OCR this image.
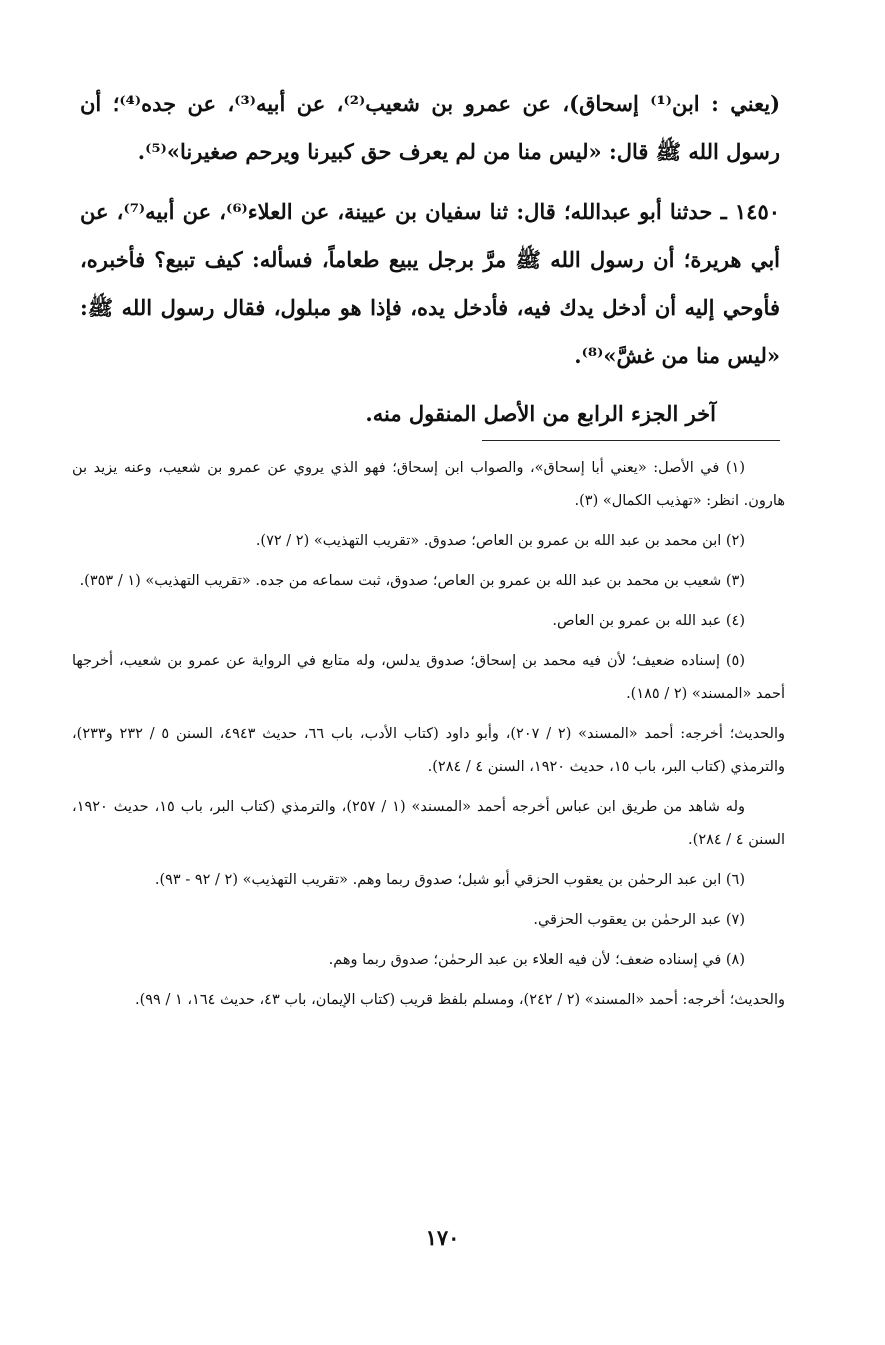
(يعني : ابن⁽¹⁾ إسحاق)، عن عمرو بن شعيب⁽²⁾، عن أبيه⁽³⁾، عن جده⁽⁴⁾؛ أن رسول الله ﷺ قال: «ليس منا من لم يعرف حق كبيرنا ويرحم صغيرنا»⁽⁵⁾.

١٤٥٠ ـ حدثنا أبو عبدالله؛ قال: ثنا سفيان بن عيينة، عن العلاء⁽⁶⁾، عن أبيه⁽⁷⁾، عن أبي هريرة؛ أن رسول الله ﷺ مرَّ برجل يبيع طعاماً، فسأله: كيف تبيع؟ فأخبره، فأوحي إليه أن أدخل يدك فيه، فأدخل يده، فإذا هو مبلول، فقال رسول الله ﷺ: «ليس منا من غشَّ»⁽⁸⁾.

آخر الجزء الرابع من الأصل المنقول منه.

(١) في الأصل: «يعني أبا إسحاق»، والصواب ابن إسحاق؛ فهو الذي يروي عن عمرو بن شعيب، وعنه يزيد بن هارون. انظر: «تهذيب الكمال» (٣).

(٢) ابن محمد بن عبد الله بن عمرو بن العاص؛ صدوق. «تقريب التهذيب» (٢ / ٧٢).

(٣) شعيب بن محمد بن عبد الله بن عمرو بن العاص؛ صدوق، ثبت سماعه من جده. «تقريب التهذيب» (١ / ٣٥٣).

(٤) عبد الله بن عمرو بن العاص.

(٥) إسناده ضعيف؛ لأن فيه محمد بن إسحاق؛ صدوق يدلس، وله متابع في الرواية عن عمرو بن شعيب، أخرجها أحمد «المسند» (٢ / ١٨٥).

والحديث؛ أخرجه: أحمد «المسند» (٢ / ٢٠٧)، وأبو داود (كتاب الأدب، باب ٦٦، حديث ٤٩٤٣، السنن ٥ / ٢٣٢ و٢٣٣)، والترمذي (كتاب البر، باب ١٥، حديث ١٩٢٠، السنن ٤ / ٢٨٤).

وله شاهد من طريق ابن عباس أخرجه أحمد «المسند» (١ / ٢٥٧)، والترمذي (كتاب البر، باب ١٥، حديث ١٩٢٠، السنن ٤ / ٢٨٤).

(٦) ابن عبد الرحمٰن بن يعقوب الحزقي أبو شبل؛ صدوق ربما وهم. «تقريب التهذيب» (٢ / ٩٢ - ٩٣).

(٧) عبد الرحمٰن بن يعقوب الحزقي.

(٨) في إسناده ضعف؛ لأن فيه العلاء بن عبد الرحمٰن؛ صدوق ربما وهم.

والحديث؛ أخرجه: أحمد «المسند» (٢ / ٢٤٢)، ومسلم بلفظ قريب (كتاب الإيمان، باب ٤٣، حديث ١٦٤، ١ / ٩٩).

١٧٠
